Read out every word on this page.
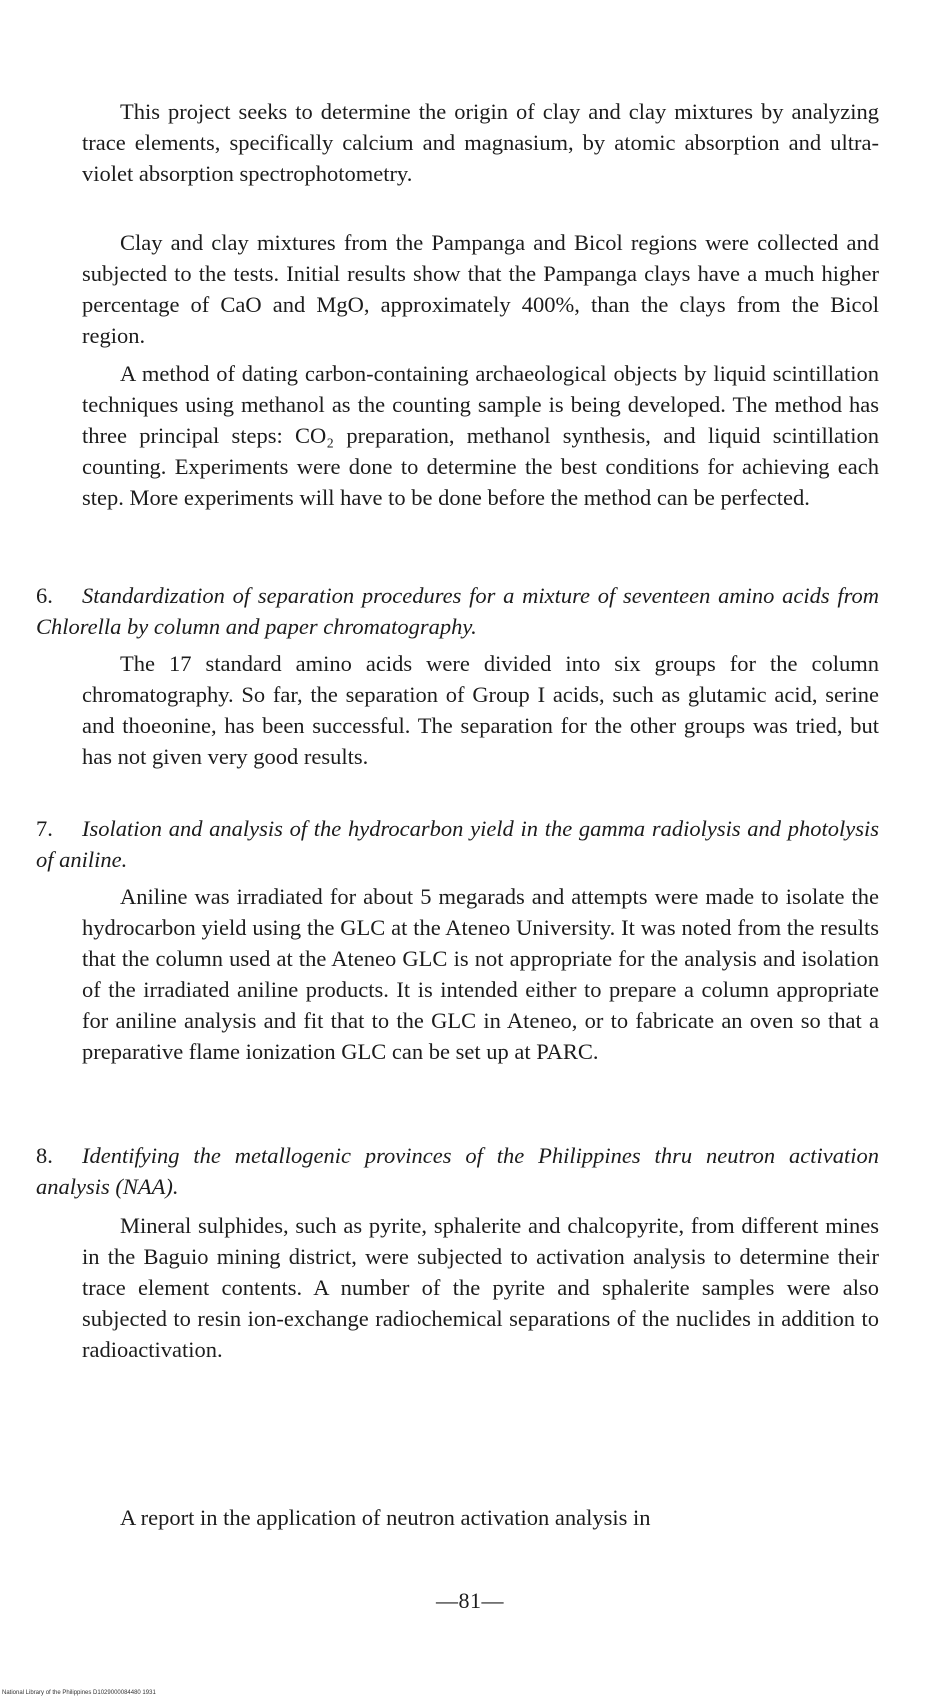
This project seeks to determine the origin of clay and clay mixtures by analyzing trace elements, specifically calcium and magnasium, by atomic absorption and ultra-violet absorption spectrophotometry.

Clay and clay mixtures from the Pampanga and Bicol regions were collected and subjected to the tests. Initial results show that the Pampanga clays have a much higher percentage of CaO and MgO, approximately 400%, than the clays from the Bicol region.

A method of dating carbon-containing archaeological objects by liquid scintillation techniques using methanol as the counting sample is being developed. The method has three principal steps: CO₂ preparation, methanol synthesis, and liquid scintillation counting. Experiments were done to determine the best conditions for achieving each step. More experiments will have to be done before the method can be perfected.

6. Standardization of separation procedures for a mixture of seventeen amino acids from Chlorella by column and paper chromatography.

The 17 standard amino acids were divided into six groups for the column chromatography. So far, the separation of Group I acids, such as glutamic acid, serine and thoeonine, has been successful. The separation for the other groups was tried, but has not given very good results.

7. Isolation and analysis of the hydrocarbon yield in the gamma radiolysis and photolysis of aniline.

Aniline was irradiated for about 5 megarads and attempts were made to isolate the hydrocarbon yield using the GLC at the Ateneo University. It was noted from the results that the column used at the Ateneo GLC is not appropriate for the analysis and isolation of the irradiated aniline products. It is intended either to prepare a column appropriate for aniline analysis and fit that to the GLC in Ateneo, or to fabricate an oven so that a preparative flame ionization GLC can be set up at PARC.

8. Identifying the metallogenic provinces of the Philippines thru neutron activation analysis (NAA).

Mineral sulphides, such as pyrite, sphalerite and chalcopyrite, from different mines in the Baguio mining district, were subjected to activation analysis to determine their trace element contents. A number of the pyrite and sphalerite samples were also subjected to resin ion-exchange radiochemical separations of the nuclides in addition to radioactivation.

A report in the application of neutron activation analysis in

—81—
National Library of the Philippines D1029000084480 1931
